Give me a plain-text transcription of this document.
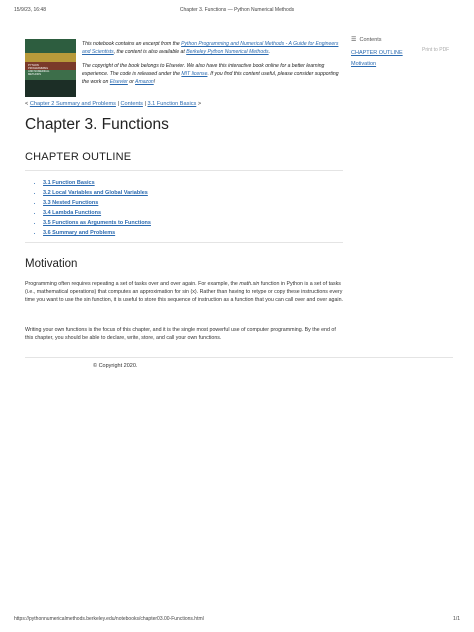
15/9/23, 16:48	Chapter 3. Functions — Python Numerical Methods
PYTHON
PROGRAMMING
AND NUMERICAL
METHODS

This notebook contains an excerpt from the Python Programming and Numerical Methods - A Guide for Engineers and Scientists, the content is also available at Berkeley Python Numerical Methods.

The copyright of the book belongs to Elsevier. We also have this interactive book online for a better learning experience. The code is released under the MIT license. If you find this content useful, please consider supporting the work on Elsevier or Amazon!

☰ Contents
Print to PDF
CHAPTER OUTLINE
Motivation
< Chapter 2 Summary and Problems | Contents | 3.1 Function Basics >
Chapter 3. Functions
CHAPTER OUTLINE
• 3.1 Function Basics
• 3.2 Local Variables and Global Variables
• 3.3 Nested Functions
• 3.4 Lambda Functions
• 3.5 Functions as Arguments to Functions
• 3.6 Summary and Problems
Motivation

Programming often requires repeating a set of tasks over and over again. For example, the math.sin function in Python is a set of tasks (i.e., mathematical operations) that computes an approximation for sin (x). Rather than having to retype or copy these instructions every time you want to use the sin function, it is useful to store this sequence of instruction as a function that you can call over and over again.

Writing your own functions is the focus of this chapter, and it is the single most powerful use of computer programming. By the end of this chapter, you should be able to declare, write, store, and call your own functions.

© Copyright 2020.
https://pythonnumericalmethods.berkeley.edu/notebooks/chapter03.00-Functions.html	1/1
